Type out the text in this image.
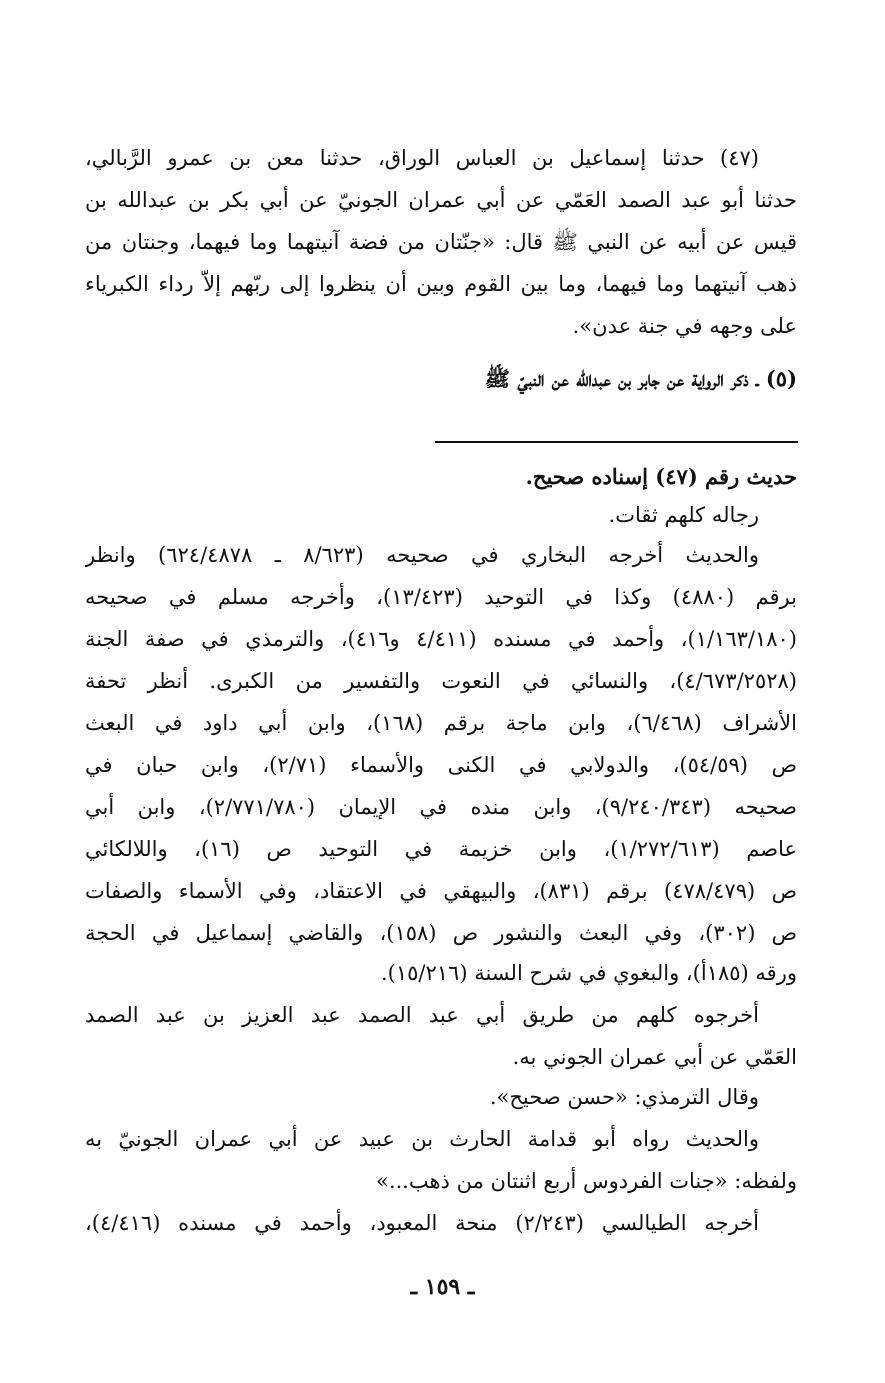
(٤٧) حدثنا إسماعيل بن العباس الوراق، حدثنا معن بن عمرو الرَّبالي،
حدثنا أبو عبد الصمد العَمّي عن أبي عمران الجونيّ عن أبي بكر بن عبدالله بن
قيس عن أبيه عن النبي ﷺ قال: «جنّتان من فضة آنيتهما وما فيهما، وجنتان من
ذهب آنيتهما وما فيهما، وما بين القوم وبين أن ينظروا إلى ربّهم إلاّ رداء الكبرياء
على وجهه في جنة عدن».
(٥) ـ ذكر الرواية عن جابر بن عبدالله عن النبيّ ﷺ
حديث رقم (٤٧) إسناده صحيح.
رجاله كلهم ثقات.
والحديث أخرجه البخاري في صحيحه (٨/٦٢٣ ـ ٦٢٤/٤٨٧٨) وانظر
برقم (٤٨٨٠) وكذا في التوحيد (١٣/٤٢٣)، وأخرجه مسلم في صحيحه
(١/١٦٣/١٨٠)، وأحمد في مسنده (٤/٤١١ و٤١٦)، والترمذي في صفة الجنة
(٤/٦٧٣/٢٥٢٨)، والنسائي في النعوت والتفسير من الكبرى. أنظر تحفة
الأشراف (٦/٤٦٨)، وابن ماجة برقم (١٦٨)، وابن أبي داود في البعث
ص (٥٤/٥٩)، والدولابي في الكنى والأسماء (٢/٧١)، وابن حبان في
صحيحه (٩/٢٤٠/٣٤٣)، وابن منده في الإيمان (٢/٧٧١/٧٨٠)، وابن أبي
عاصم (١/٢٧٢/٦١٣)، وابن خزيمة في التوحيد ص (١٦)، واللالكائي
ص (٤٧٨/٤٧٩) برقم (٨٣١)، والبيهقي في الاعتقاد، وفي الأسماء والصفات
ص (٣٠٢)، وفي البعث والنشور ص (١٥٨)، والقاضي إسماعيل في الحجة
ورقه (١٨٥أ)، والبغوي في شرح السنة (١٥/٢١٦).
أخرجوه كلهم من طريق أبي عبد الصمد عبد العزيز بن عبد الصمد
العَمّي عن أبي عمران الجوني به.
وقال الترمذي: «حسن صحيح».
والحديث رواه أبو قدامة الحارث بن عبيد عن أبي عمران الجونيّ به
ولفظه: «جنات الفردوس أربع اثنتان من ذهب...»
أخرجه الطيالسي (٢/٢٤٣) منحة المعبود، وأحمد في مسنده (٤/٤١٦)،
ـ ١٥٩ ـ
